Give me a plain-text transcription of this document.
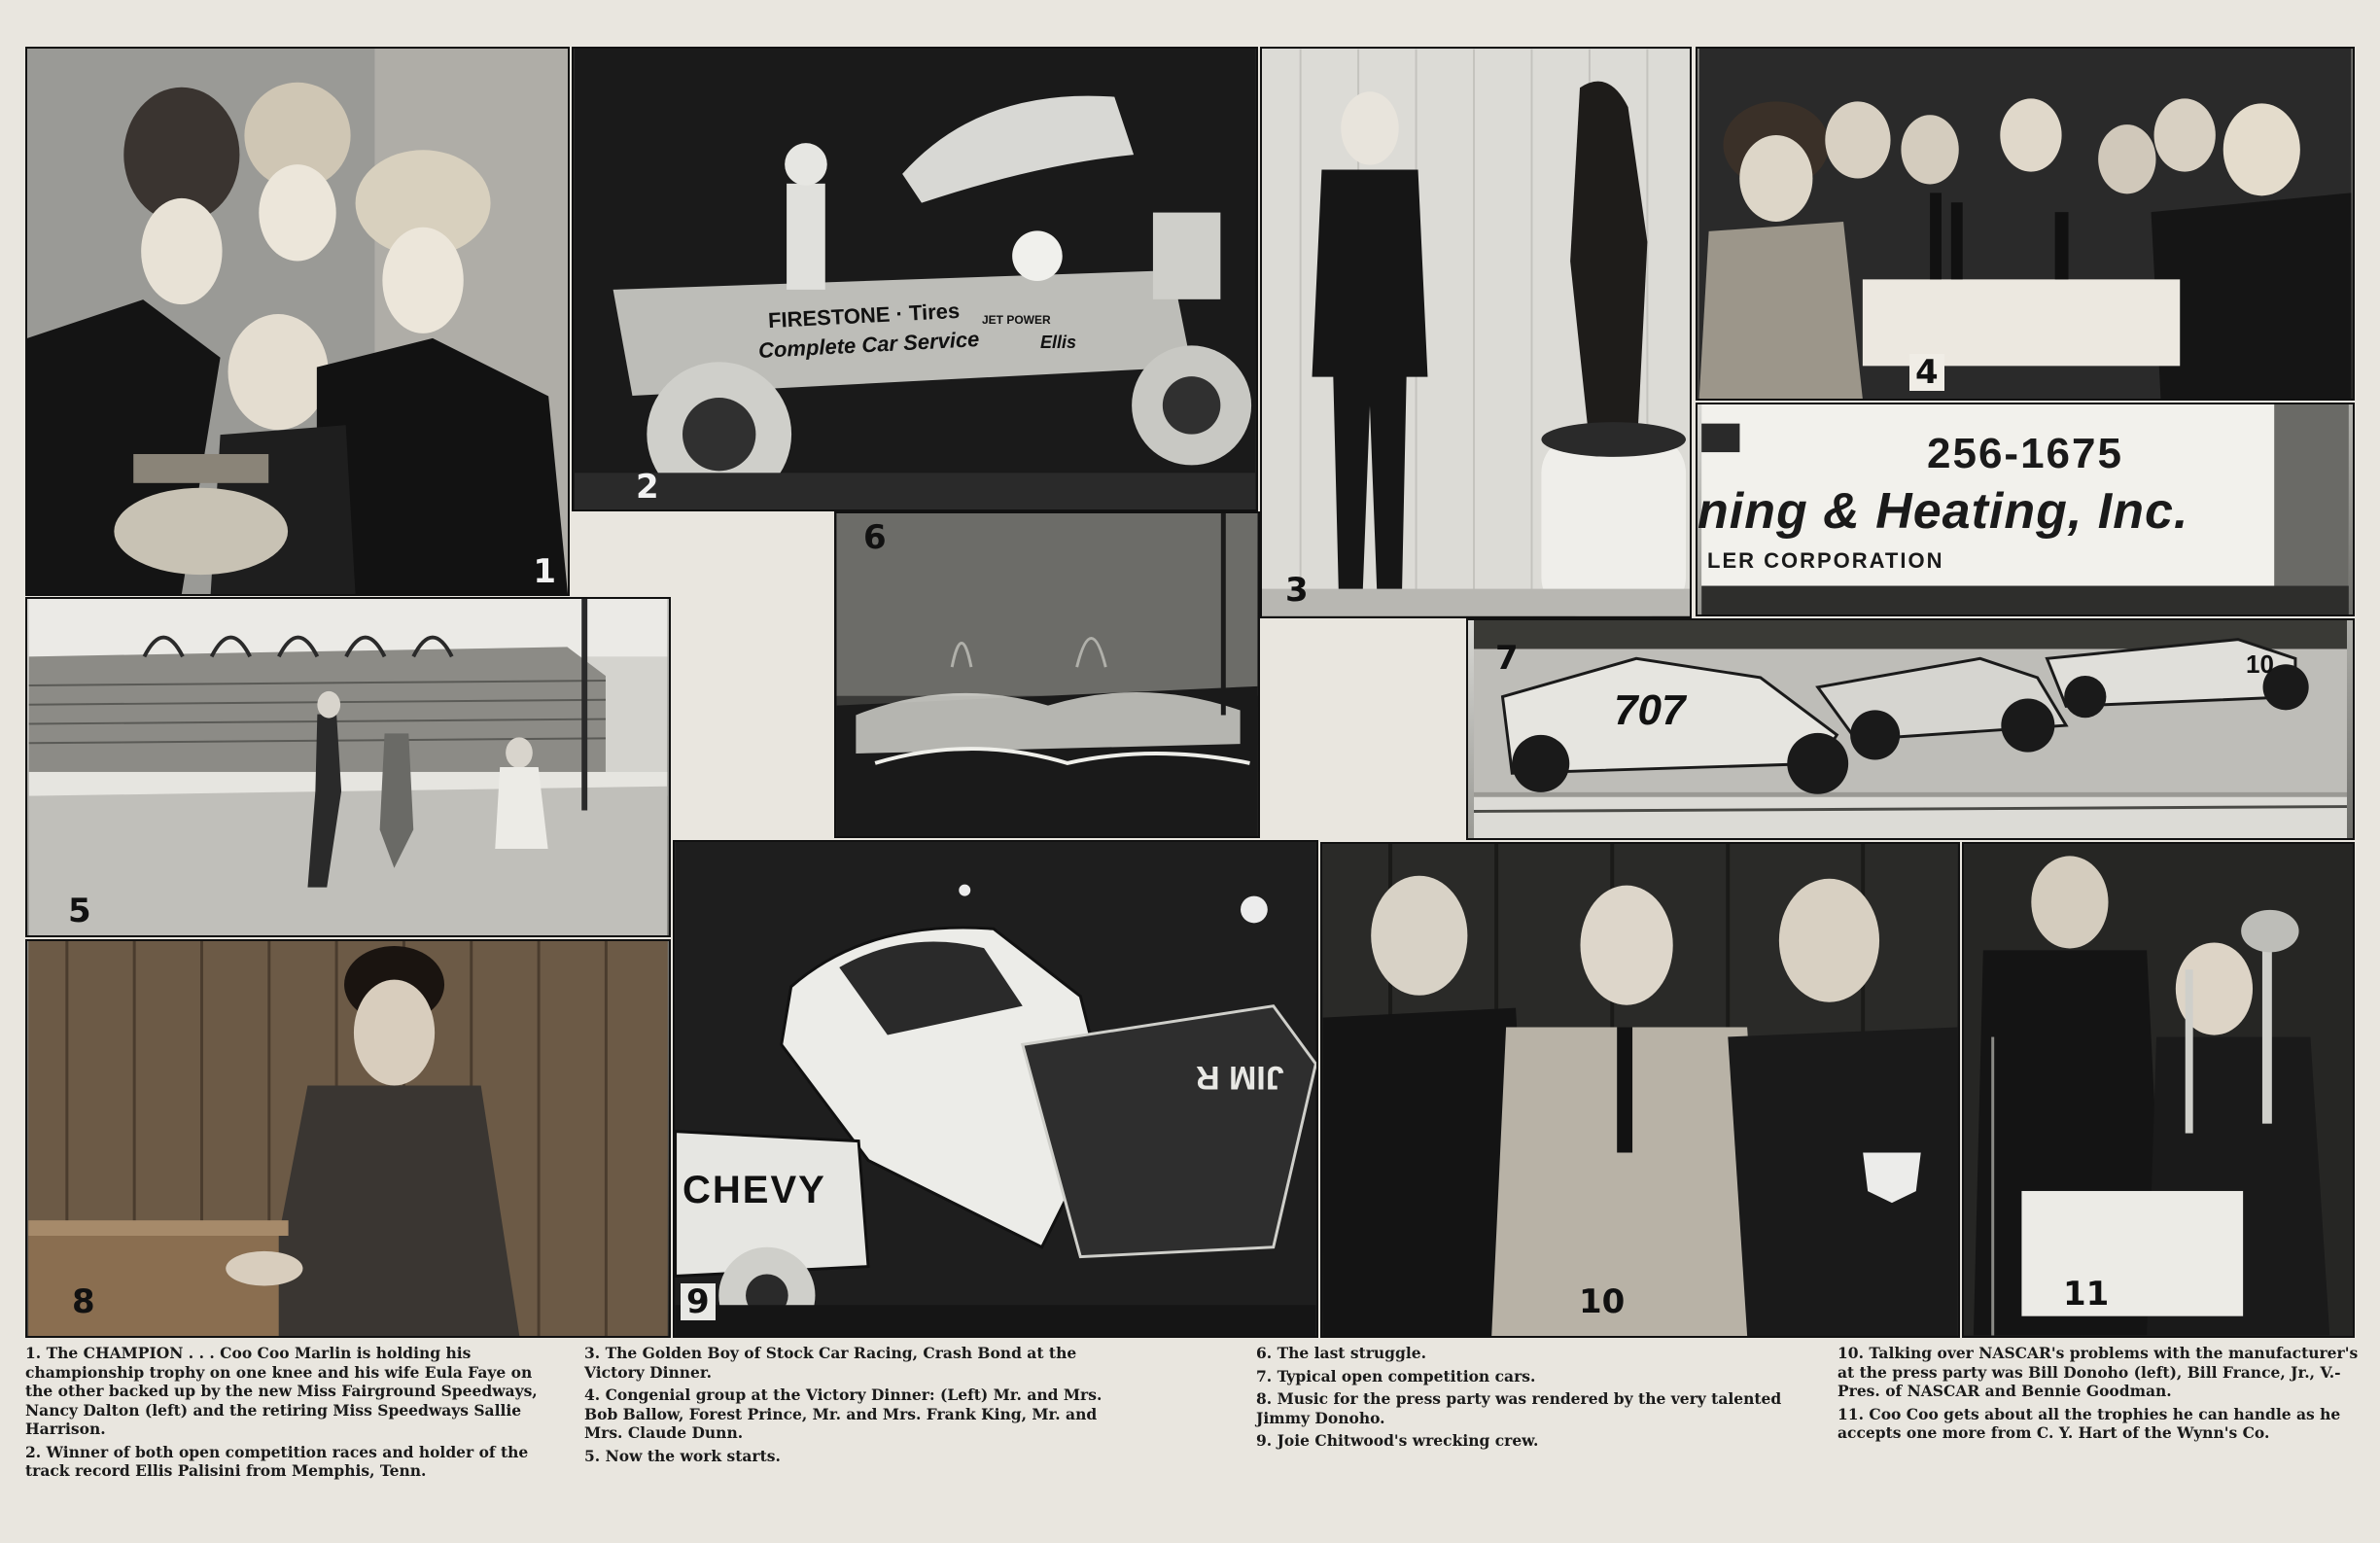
1
FIRESTONE · Tires
Complete Car Service	Ellis
JET POWER
2
3
4
256-1675
ning & Heating, Inc.
LER CORPORATION
5
6
707
10
7
8
CHEVY
JIM R
9	10	11

1. The CHAMPION . . . Coo Coo Marlin is holding his championship trophy on one knee and his wife Eula Faye on the other backed up by the new Miss Fairground Speedways, Nancy Dalton (left) and the retiring Miss Speedways Sallie Harrison.

2. Winner of both open competition races and holder of the track record Ellis Palisini from Memphis, Tenn.

3. The Golden Boy of Stock Car Racing, Crash Bond at the Victory Dinner.

4. Congenial group at the Victory Dinner: (Left) Mr. and Mrs. Bob Ballow, Forest Prince, Mr. and Mrs. Frank King, Mr. and Mrs. Claude Dunn.

5. Now the work starts.

6. The last struggle.

7. Typical open competition cars.

8. Music for the press party was rendered by the very talented Jimmy Donoho.

9. Joie Chitwood's wrecking crew.

10. Talking over NASCAR's problems with the manufacturer's at the press party was Bill Donoho (left), Bill France, Jr., V.-Pres. of NASCAR and Bennie Goodman.

11. Coo Coo gets about all the trophies he can handle as he accepts one more from C. Y. Hart of the Wynn's Co.
